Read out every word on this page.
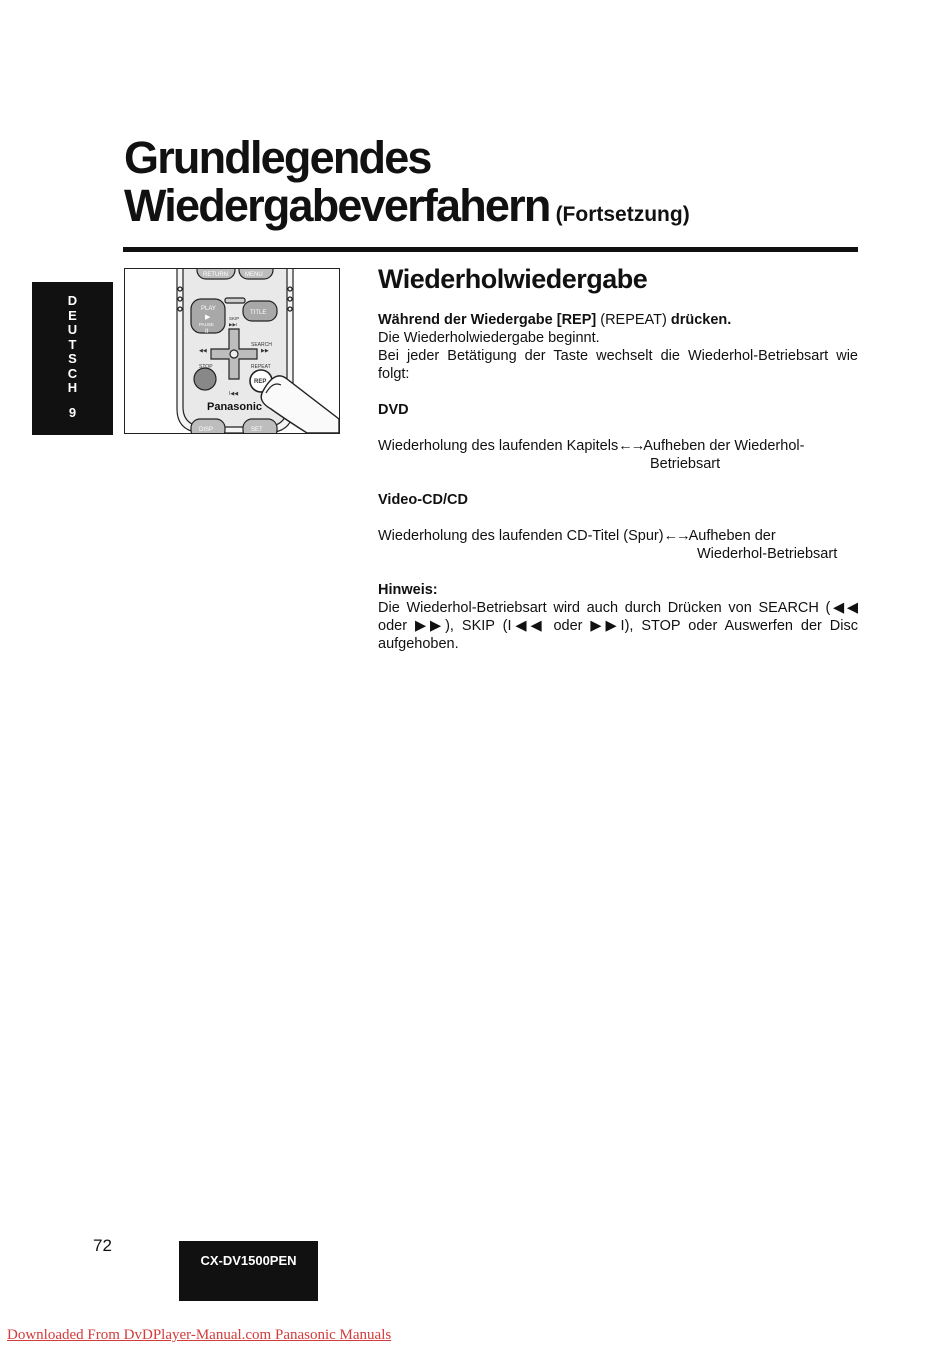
Grundlegendes
Wiedergabeverfahern (Fortsetzung)
D
E
U
T
S
C
H
9
RETURN	MENU
PLAY
▶
PAUSE
II
TITLE
SKIP
▶▶I
SEARCH
◀◀	▶▶
STOP	REPEAT
REP
I◀◀
Panasonic
DISP	SET
Wiederholwiedergabe

Während der Wiedergabe [REP] (REPEAT) drücken.

Die Wiederholwiedergabe beginnt.

Bei jeder Betätigung der Taste wechselt die Wiederhol-Betriebsart wie folgt:

DVD

Wiederholung des laufenden Kapitels←→Aufheben der Wiederhol-

Betriebsart

Video-CD/CD

Wiederholung des laufenden CD-Titel (Spur)←→Aufheben der

Wiederhol-Betriebsart

Hinweis:

Die Wiederhol-Betriebsart wird auch durch Drücken von SEARCH (◀◀ oder ▶▶), SKIP (I◀◀ oder ▶▶I), STOP oder Auswerfen der Disc aufgehoben.

72
CX-DV1500PEN
Downloaded From DvDPlayer-Manual.com Panasonic Manuals
